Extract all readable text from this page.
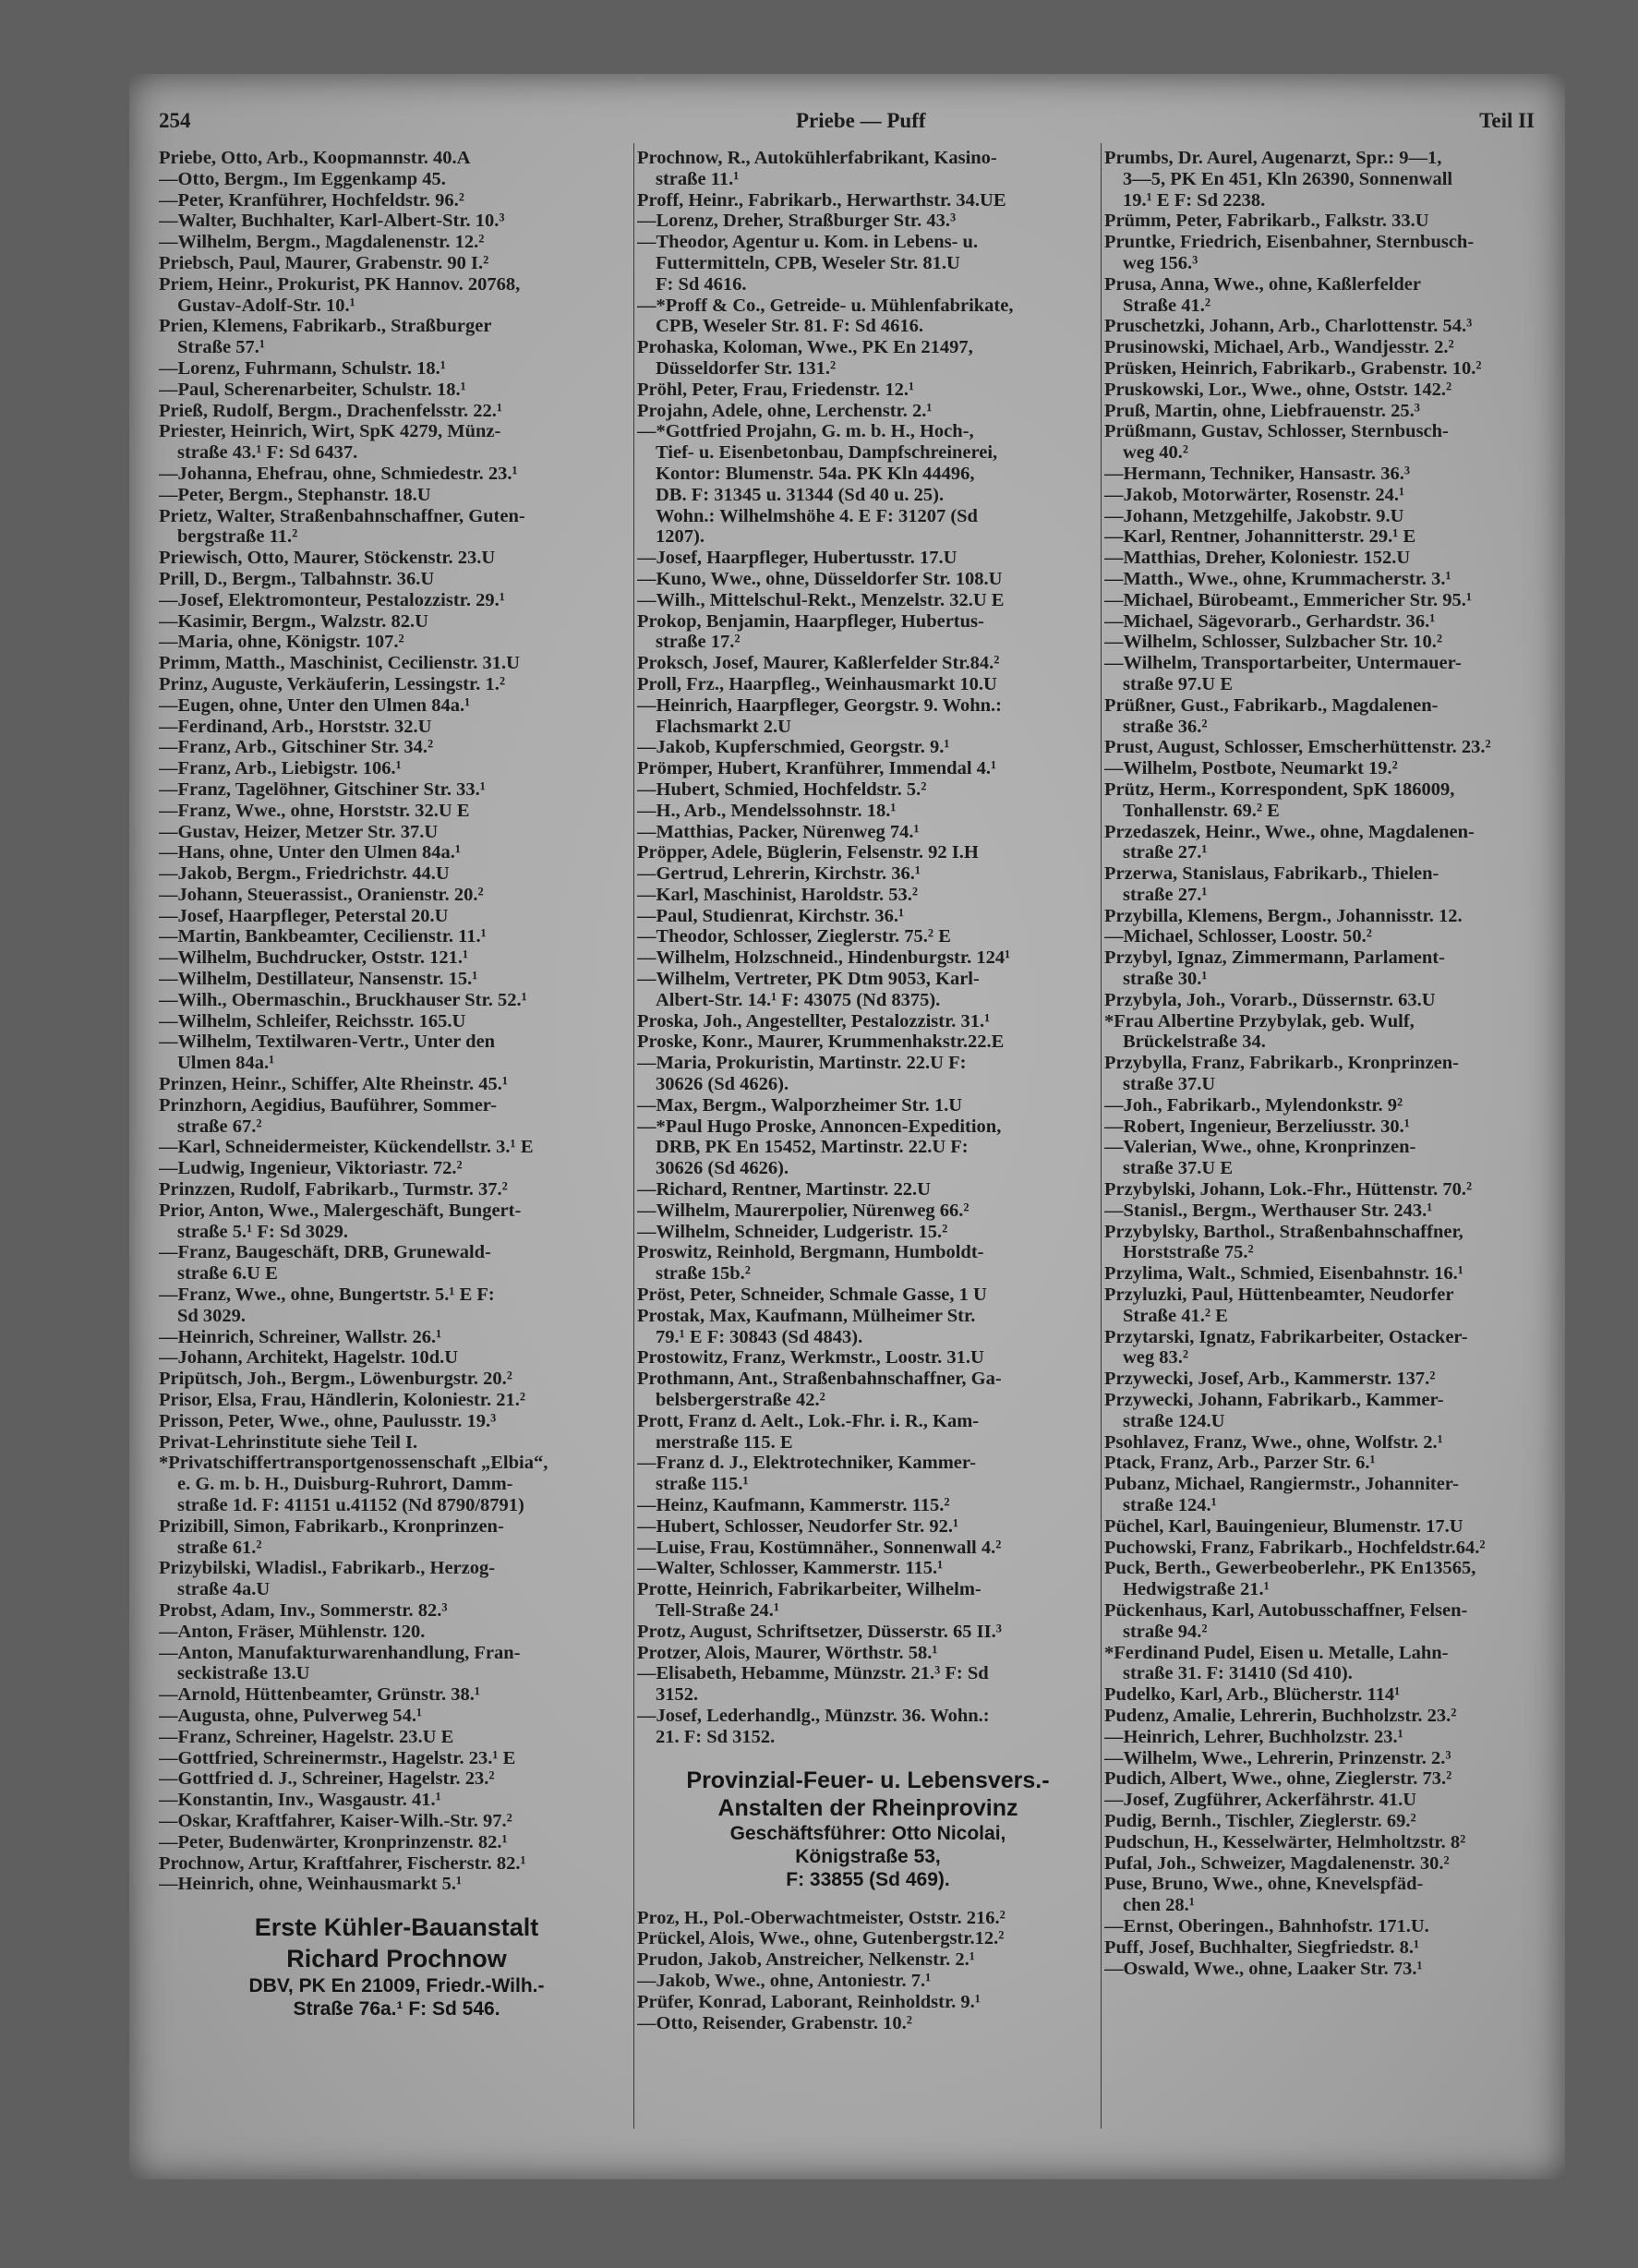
254	Priebe — Puff	Teil II
Priebe, Otto, Arb., Koopmannstr. 40.A
—Otto, Bergm., Im Eggenkamp 45.
—Peter, Kranführer, Hochfeldstr. 96.²
—Walter, Buchhalter, Karl-Albert-Str. 10.³
—Wilhelm, Bergm., Magdalenenstr. 12.²
Priebsch, Paul, Maurer, Grabenstr. 90 I.²
Priem, Heinr., Prokurist, PK Hannov. 20768,
Gustav-Adolf-Str. 10.¹
Prien, Klemens, Fabrikarb., Straßburger
Straße 57.¹
—Lorenz, Fuhrmann, Schulstr. 18.¹
—Paul, Scherenarbeiter, Schulstr. 18.¹
Prieß, Rudolf, Bergm., Drachenfelsstr. 22.¹
Priester, Heinrich, Wirt, SpK 4279, Münz-
straße 43.¹ F: Sd 6437.
—Johanna, Ehefrau, ohne, Schmiedestr. 23.¹
—Peter, Bergm., Stephanstr. 18.U
Prietz, Walter, Straßenbahnschaffner, Guten-
bergstraße 11.²
Priewisch, Otto, Maurer, Stöckenstr. 23.U
Prill, D., Bergm., Talbahnstr. 36.U
—Josef, Elektromonteur, Pestalozzistr. 29.¹
—Kasimir, Bergm., Walzstr. 82.U
—Maria, ohne, Königstr. 107.²
Primm, Matth., Maschinist, Cecilienstr. 31.U
Prinz, Auguste, Verkäuferin, Lessingstr. 1.²
—Eugen, ohne, Unter den Ulmen 84a.¹
—Ferdinand, Arb., Horststr. 32.U
—Franz, Arb., Gitschiner Str. 34.²
—Franz, Arb., Liebigstr. 106.¹
—Franz, Tagelöhner, Gitschiner Str. 33.¹
—Franz, Wwe., ohne, Horststr. 32.U E
—Gustav, Heizer, Metzer Str. 37.U
—Hans, ohne, Unter den Ulmen 84a.¹
—Jakob, Bergm., Friedrichstr. 44.U
—Johann, Steuerassist., Oranienstr. 20.²
—Josef, Haarpfleger, Peterstal 20.U
—Martin, Bankbeamter, Cecilienstr. 11.¹
—Wilhelm, Buchdrucker, Oststr. 121.¹
—Wilhelm, Destillateur, Nansenstr. 15.¹
—Wilh., Obermaschin., Bruckhauser Str. 52.¹
—Wilhelm, Schleifer, Reichsstr. 165.U
—Wilhelm, Textilwaren-Vertr., Unter den
Ulmen 84a.¹
Prinzen, Heinr., Schiffer, Alte Rheinstr. 45.¹
Prinzhorn, Aegidius, Bauführer, Sommer-
straße 67.²
—Karl, Schneidermeister, Kückendellstr. 3.¹ E
—Ludwig, Ingenieur, Viktoriastr. 72.²
Prinzzen, Rudolf, Fabrikarb., Turmstr. 37.²
Prior, Anton, Wwe., Malergeschäft, Bungert-
straße 5.¹ F: Sd 3029.
—Franz, Baugeschäft, DRB, Grunewald-
straße 6.U E
—Franz, Wwe., ohne, Bungertstr. 5.¹ E F:
Sd 3029.
—Heinrich, Schreiner, Wallstr. 26.¹
—Johann, Architekt, Hagelstr. 10d.U
Pripütsch, Joh., Bergm., Löwenburgstr. 20.²
Prisor, Elsa, Frau, Händlerin, Koloniestr. 21.²
Prisson, Peter, Wwe., ohne, Paulusstr. 19.³
Privat-Lehrinstitute siehe Teil I.
*Privatschiffertransportgenossenschaft „Elbia“,
e. G. m. b. H., Duisburg-Ruhrort, Damm-
straße 1d. F: 41151 u.41152 (Nd 8790/8791)
Prizibill, Simon, Fabrikarb., Kronprinzen-
straße 61.²
Prizybilski, Wladisl., Fabrikarb., Herzog-
straße 4a.U
Probst, Adam, Inv., Sommerstr. 82.³
—Anton, Fräser, Mühlenstr. 120.
—Anton, Manufakturwarenhandlung, Fran-
seckistraße 13.U
—Arnold, Hüttenbeamter, Grünstr. 38.¹
—Augusta, ohne, Pulverweg 54.¹
—Franz, Schreiner, Hagelstr. 23.U E
—Gottfried, Schreinermstr., Hagelstr. 23.¹ E
—Gottfried d. J., Schreiner, Hagelstr. 23.²
—Konstantin, Inv., Wasgaustr. 41.¹
—Oskar, Kraftfahrer, Kaiser-Wilh.-Str. 97.²
—Peter, Budenwärter, Kronprinzenstr. 82.¹
Prochnow, Artur, Kraftfahrer, Fischerstr. 82.¹
—Heinrich, ohne, Weinhausmarkt 5.¹
Erste Kühler-Bauanstalt
Richard Prochnow
DBV, PK En 21009, Friedr.-Wilh.-
Straße 76a.¹ F: Sd 546.
Prochnow, R., Autokühlerfabrikant, Kasino-
straße 11.¹
Proff, Heinr., Fabrikarb., Herwarthstr. 34.UE
—Lorenz, Dreher, Straßburger Str. 43.³
—Theodor, Agentur u. Kom. in Lebens- u.
Futtermitteln, CPB, Weseler Str. 81.U
F: Sd 4616.
—*Proff & Co., Getreide- u. Mühlenfabrikate,
CPB, Weseler Str. 81. F: Sd 4616.
Prohaska, Koloman, Wwe., PK En 21497,
Düsseldorfer Str. 131.²
Pröhl, Peter, Frau, Friedenstr. 12.¹
Projahn, Adele, ohne, Lerchenstr. 2.¹
—*Gottfried Projahn, G. m. b. H., Hoch-,
Tief- u. Eisenbetonbau, Dampfschreinerei,
Kontor: Blumenstr. 54a. PK Kln 44496,
DB. F: 31345 u. 31344 (Sd 40 u. 25).
Wohn.: Wilhelmshöhe 4. E F: 31207 (Sd
1207).
—Josef, Haarpfleger, Hubertusstr. 17.U
—Kuno, Wwe., ohne, Düsseldorfer Str. 108.U
—Wilh., Mittelschul-Rekt., Menzelstr. 32.U E
Prokop, Benjamin, Haarpfleger, Hubertus-
straße 17.²
Proksch, Josef, Maurer, Kaßlerfelder Str.84.²
Proll, Frz., Haarpfleg., Weinhausmarkt 10.U
—Heinrich, Haarpfleger, Georgstr. 9. Wohn.:
Flachsmarkt 2.U
—Jakob, Kupferschmied, Georgstr. 9.¹
Prömper, Hubert, Kranführer, Immendal 4.¹
—Hubert, Schmied, Hochfeldstr. 5.²
—H., Arb., Mendelssohnstr. 18.¹
—Matthias, Packer, Nürenweg 74.¹
Pröpper, Adele, Büglerin, Felsenstr. 92 I.H
—Gertrud, Lehrerin, Kirchstr. 36.¹
—Karl, Maschinist, Haroldstr. 53.²
—Paul, Studienrat, Kirchstr. 36.¹
—Theodor, Schlosser, Zieglerstr. 75.² E
—Wilhelm, Holzschneid., Hindenburgstr. 124¹
—Wilhelm, Vertreter, PK Dtm 9053, Karl-
Albert-Str. 14.¹ F: 43075 (Nd 8375).
Proska, Joh., Angestellter, Pestalozzistr. 31.¹
Proske, Konr., Maurer, Krummenhakstr.22.E
—Maria, Prokuristin, Martinstr. 22.U F:
30626 (Sd 4626).
—Max, Bergm., Walporzheimer Str. 1.U
—*Paul Hugo Proske, Annoncen-Expedition,
DRB, PK En 15452, Martinstr. 22.U F:
30626 (Sd 4626).
—Richard, Rentner, Martinstr. 22.U
—Wilhelm, Maurerpolier, Nürenweg 66.²
—Wilhelm, Schneider, Ludgeristr. 15.²
Proswitz, Reinhold, Bergmann, Humboldt-
straße 15b.²
Pröst, Peter, Schneider, Schmale Gasse, 1 U
Prostak, Max, Kaufmann, Mülheimer Str.
79.¹ E F: 30843 (Sd 4843).
Prostowitz, Franz, Werkmstr., Loostr. 31.U
Prothmann, Ant., Straßenbahnschaffner, Ga-
belsbergerstraße 42.²
Prott, Franz d. Aelt., Lok.-Fhr. i. R., Kam-
merstraße 115. E
—Franz d. J., Elektrotechniker, Kammer-
straße 115.¹
—Heinz, Kaufmann, Kammerstr. 115.²
—Hubert, Schlosser, Neudorfer Str. 92.¹
—Luise, Frau, Kostümnäher., Sonnenwall 4.²
—Walter, Schlosser, Kammerstr. 115.¹
Protte, Heinrich, Fabrikarbeiter, Wilhelm-
Tell-Straße 24.¹
Protz, August, Schriftsetzer, Düsserstr. 65 II.³
Protzer, Alois, Maurer, Wörthstr. 58.¹
—Elisabeth, Hebamme, Münzstr. 21.³ F: Sd
3152.
—Josef, Lederhandlg., Münzstr. 36. Wohn.:
21. F: Sd 3152.
Provinzial-Feuer- u. Lebensvers.-
Anstalten der Rheinprovinz
Geschäftsführer: Otto Nicolai,
Königstraße 53,
F: 33855 (Sd 469).
Proz, H., Pol.-Oberwachtmeister, Oststr. 216.²
Prückel, Alois, Wwe., ohne, Gutenbergstr.12.²
Prudon, Jakob, Anstreicher, Nelkenstr. 2.¹
—Jakob, Wwe., ohne, Antoniestr. 7.¹
Prüfer, Konrad, Laborant, Reinholdstr. 9.¹
—Otto, Reisender, Grabenstr. 10.²
Prumbs, Dr. Aurel, Augenarzt, Spr.: 9—1,
3—5, PK En 451, Kln 26390, Sonnenwall
19.¹ E F: Sd 2238.
Prümm, Peter, Fabrikarb., Falkstr. 33.U
Pruntke, Friedrich, Eisenbahner, Sternbusch-
weg 156.³
Prusa, Anna, Wwe., ohne, Kaßlerfelder
Straße 41.²
Pruschetzki, Johann, Arb., Charlottenstr. 54.³
Prusinowski, Michael, Arb., Wandjesstr. 2.²
Prüsken, Heinrich, Fabrikarb., Grabenstr. 10.²
Pruskowski, Lor., Wwe., ohne, Oststr. 142.²
Pruß, Martin, ohne, Liebfrauenstr. 25.³
Prüßmann, Gustav, Schlosser, Sternbusch-
weg 40.²
—Hermann, Techniker, Hansastr. 36.³
—Jakob, Motorwärter, Rosenstr. 24.¹
—Johann, Metzgehilfe, Jakobstr. 9.U
—Karl, Rentner, Johannitterstr. 29.¹ E
—Matthias, Dreher, Koloniestr. 152.U
—Matth., Wwe., ohne, Krummacherstr. 3.¹
—Michael, Bürobeamt., Emmericher Str. 95.¹
—Michael, Sägevorarb., Gerhardstr. 36.¹
—Wilhelm, Schlosser, Sulzbacher Str. 10.²
—Wilhelm, Transportarbeiter, Untermauer-
straße 97.U E
Prüßner, Gust., Fabrikarb., Magdalenen-
straße 36.²
Prust, August, Schlosser, Emscherhüttenstr. 23.²
—Wilhelm, Postbote, Neumarkt 19.²
Prütz, Herm., Korrespondent, SpK 186009,
Tonhallenstr. 69.² E
Przedaszek, Heinr., Wwe., ohne, Magdalenen-
straße 27.¹
Przerwa, Stanislaus, Fabrikarb., Thielen-
straße 27.¹
Przybilla, Klemens, Bergm., Johannisstr. 12.
—Michael, Schlosser, Loostr. 50.²
Przybyl, Ignaz, Zimmermann, Parlament-
straße 30.¹
Przybyla, Joh., Vorarb., Düssernstr. 63.U
*Frau Albertine Przybylak, geb. Wulf,
Brückelstraße 34.
Przybylla, Franz, Fabrikarb., Kronprinzen-
straße 37.U
—Joh., Fabrikarb., Mylendonkstr. 9²
—Robert, Ingenieur, Berzeliusstr. 30.¹
—Valerian, Wwe., ohne, Kronprinzen-
straße 37.U E
Przybylski, Johann, Lok.-Fhr., Hüttenstr. 70.²
—Stanisl., Bergm., Werthauser Str. 243.¹
Przybylsky, Barthol., Straßenbahnschaffner,
Horststraße 75.²
Przylima, Walt., Schmied, Eisenbahnstr. 16.¹
Przyluzki, Paul, Hüttenbeamter, Neudorfer
Straße 41.² E
Przytarski, Ignatz, Fabrikarbeiter, Ostacker-
weg 83.²
Przywecki, Josef, Arb., Kammerstr. 137.²
Przywecki, Johann, Fabrikarb., Kammer-
straße 124.U
Psohlavez, Franz, Wwe., ohne, Wolfstr. 2.¹
Ptack, Franz, Arb., Parzer Str. 6.¹
Pubanz, Michael, Rangiermstr., Johanniter-
straße 124.¹
Püchel, Karl, Bauingenieur, Blumenstr. 17.U
Puchowski, Franz, Fabrikarb., Hochfeldstr.64.²
Puck, Berth., Gewerbeoberlehr., PK En13565,
Hedwigstraße 21.¹
Pückenhaus, Karl, Autobusschaffner, Felsen-
straße 94.²
*Ferdinand Pudel, Eisen u. Metalle, Lahn-
straße 31. F: 31410 (Sd 410).
Pudelko, Karl, Arb., Blücherstr. 114¹
Pudenz, Amalie, Lehrerin, Buchholzstr. 23.²
—Heinrich, Lehrer, Buchholzstr. 23.¹
—Wilhelm, Wwe., Lehrerin, Prinzenstr. 2.³
Pudich, Albert, Wwe., ohne, Zieglerstr. 73.²
—Josef, Zugführer, Ackerfährstr. 41.U
Pudig, Bernh., Tischler, Zieglerstr. 69.²
Pudschun, H., Kesselwärter, Helmholtzstr. 8²
Pufal, Joh., Schweizer, Magdalenenstr. 30.²
Puse, Bruno, Wwe., ohne, Knevelspfäd-
chen 28.¹
—Ernst, Oberingen., Bahnhofstr. 171.U.
Puff, Josef, Buchhalter, Siegfriedstr. 8.¹
—Oswald, Wwe., ohne, Laaker Str. 73.¹
